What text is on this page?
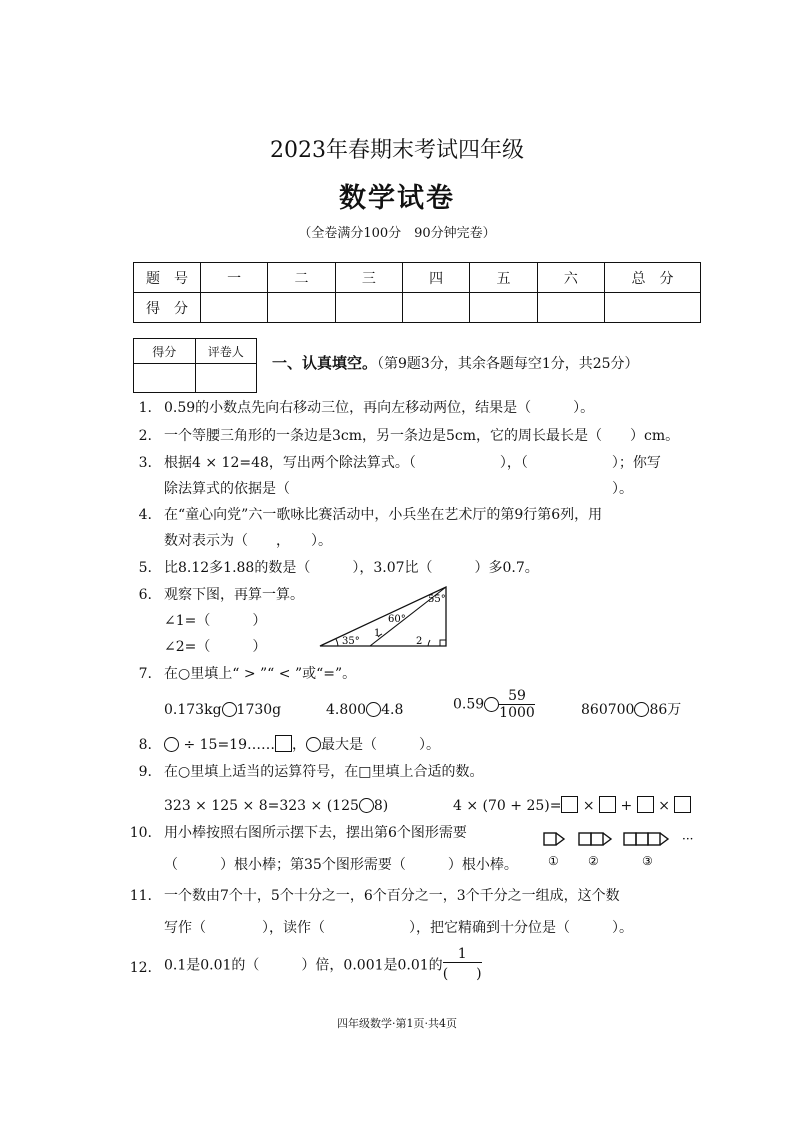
2023年春期末考试四年级
数学试卷
（全卷满分100分　90分钟完卷）
题　号	一	二	三	四	五	六	总　分
得　分							
得分	评卷人

一、认真填空。（第9题3分，其余各题每空1分，共25分）
1. 0.59的小数点先向右移动三位，再向左移动两位，结果是（　　　）。
2. 一个等腰三角形的一条边是3cm，另一条边是5cm，它的周长最长是（　　）cm。
3. 根据4 × 12=48，写出两个除法算式。（　　　　　　），（　　　　　　）；你写
除法算式的依据是（　　　　　　　　　　　　　　　　　　　　　　　）。
4. 在“童心向党”六一歌咏比赛活动中，小兵坐在艺术厅的第9行第6列，用
数对表示为（　　，　　）。
5. 比8.12多1.88的数是（　　　），3.07比（　　　）多0.7。
6. 观察下图，再算一算。
∠1=（　　　）
∠2=（　　　）
55°
60°
35°
1
2
7. 在○里填上“ > ”“ < ”或“=”。
0.173kg 1730g	4.800 4.8	$0.59 \frac{59}{1000}$	860700 86万
8.	÷ 15=19…… ， 最大是（　　　）。
9. 在○里填上适当的运算符号，在□里填上合适的数。
323 × 125 × 8=323 × (125 8)	4 × (70 + 25)= × + ×
10. 用小棒按照右图所示摆下去，摆出第6个图形需要
（　　　）根小棒；第35个图形需要（　　　）根小棒。
···
① ②	③
11. 一个数由7个十，5个十分之一，6个百分之一，3个千分之一组成，这个数
写作（　　　　），读作（　　　　　　），把它精确到十分位是（　　　）。
12. 0.1是0.01的（　　　）倍，0.001是0.01的 $\frac{1}{( )}$
四年级数学·第1页·共4页
